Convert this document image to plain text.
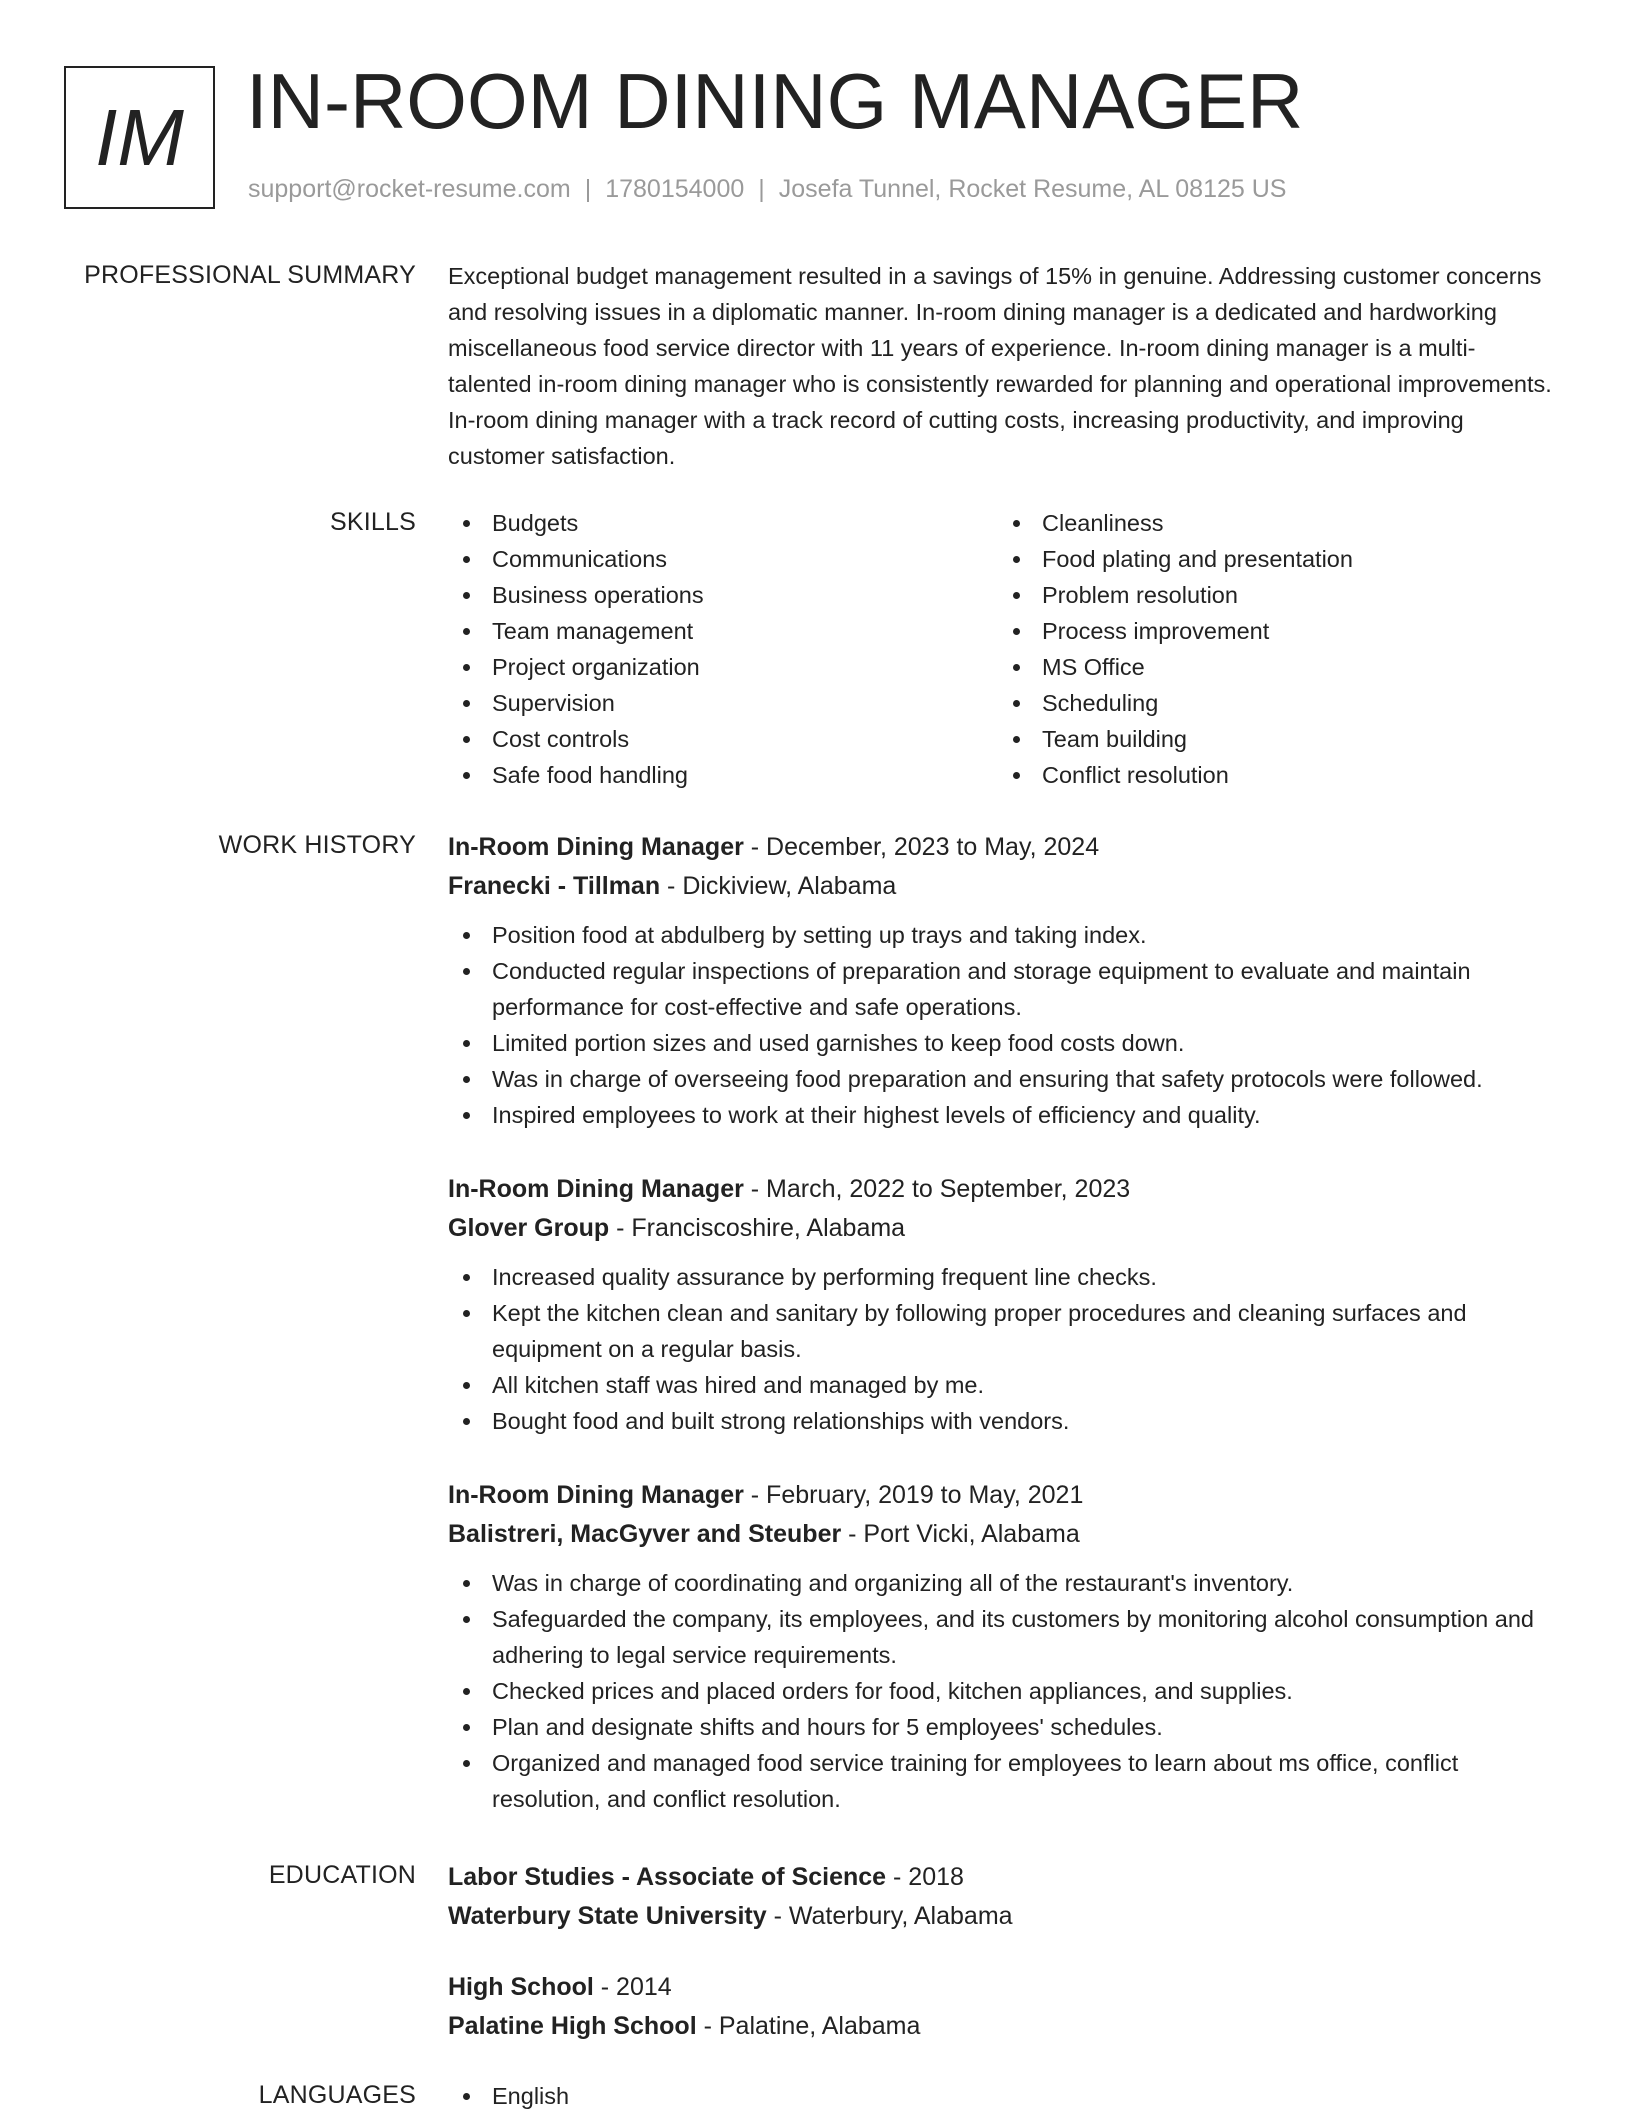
IM IN-ROOM DINING MANAGER
support@rocket-resume.com | 1780154000 | Josefa Tunnel, Rocket Resume, AL 08125 US
PROFESSIONAL SUMMARY Exceptional budget management resulted in a savings of 15% in genuine. Addressing customer concerns and resolving issues in a diplomatic manner. In-room dining manager is a dedicated and hardworking miscellaneous food service director with 11 years of experience. In-room dining manager is a multi-talented in-room dining manager who is consistently rewarded for planning and operational improvements. In-room dining manager with a track record of cutting costs, increasing productivity, and improving customer satisfaction.
SKILLS	Budgets
Communications
Business operations
Team management
Project organization
Supervision
Cost controls
Safe food handling
Cleanliness
Food plating and presentation
Problem resolution
Process improvement
MS Office
Scheduling
Team building
Conflict resolution
WORK HISTORY In-Room Dining Manager - December, 2023 to May, 2024
Franecki - Tillman - Dickiview, Alabama
Position food at abdulberg by setting up trays and taking index.
Conducted regular inspections of preparation and storage equipment to evaluate and maintain performance for cost-effective and safe operations.
Limited portion sizes and used garnishes to keep food costs down.
Was in charge of overseeing food preparation and ensuring that safety protocols were followed.
Inspired employees to work at their highest levels of efficiency and quality.
In-Room Dining Manager - March, 2022 to September, 2023
Glover Group - Franciscoshire, Alabama
Increased quality assurance by performing frequent line checks.
Kept the kitchen clean and sanitary by following proper procedures and cleaning surfaces and equipment on a regular basis.
All kitchen staff was hired and managed by me.
Bought food and built strong relationships with vendors.
In-Room Dining Manager - February, 2019 to May, 2021
Balistreri, MacGyver and Steuber - Port Vicki, Alabama
Was in charge of coordinating and organizing all of the restaurant's inventory.
Safeguarded the company, its employees, and its customers by monitoring alcohol consumption and adhering to legal service requirements.
Checked prices and placed orders for food, kitchen appliances, and supplies.
Plan and designate shifts and hours for 5 employees' schedules.
Organized and managed food service training for employees to learn about ms office, conflict resolution, and conflict resolution.
EDUCATION Labor Studies - Associate of Science - 2018
Waterbury State University - Waterbury, Alabama
High School - 2014
Palatine High School - Palatine, Alabama
LANGUAGES	English
